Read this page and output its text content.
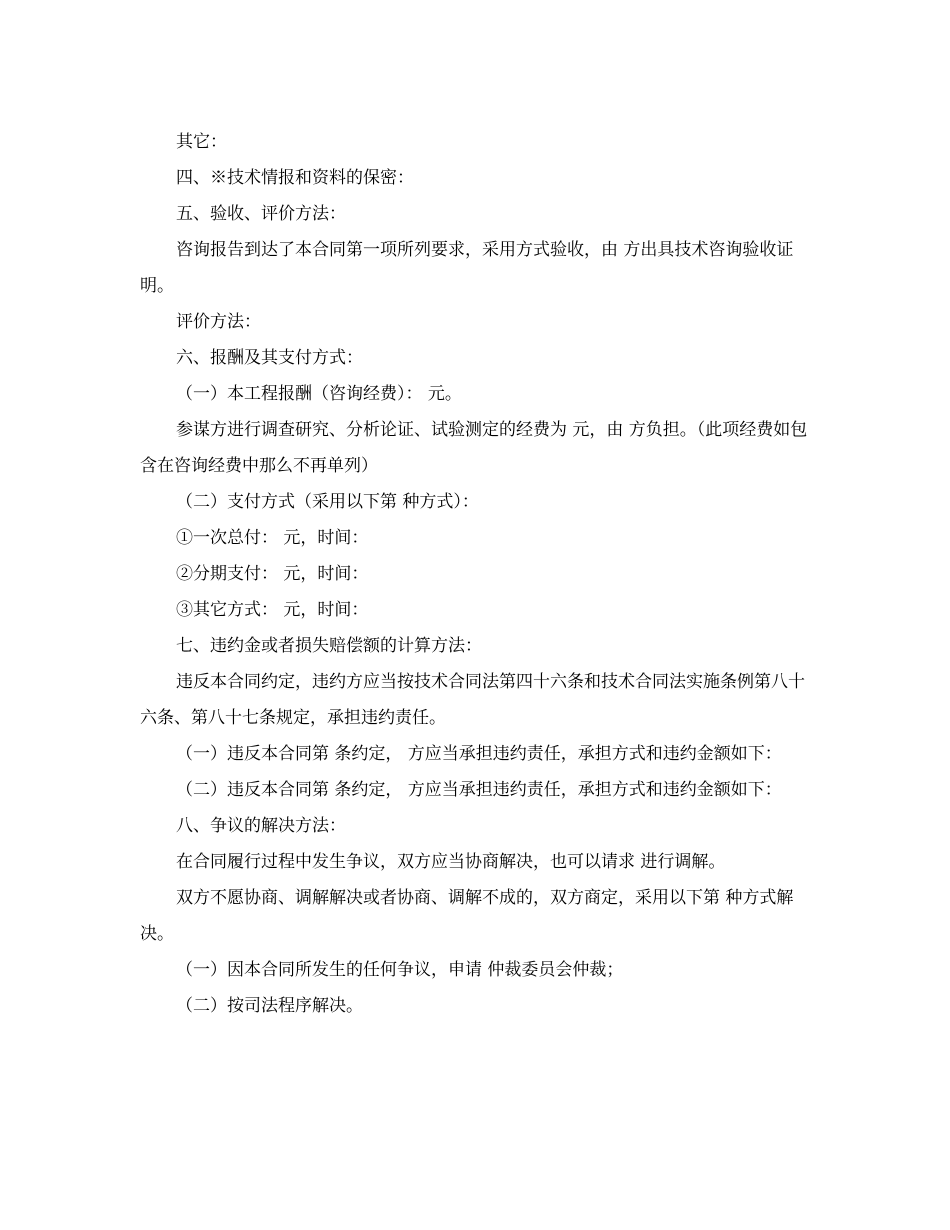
其它：

四、※技术情报和资料的保密：

五、验收、评价方法：

咨询报告到达了本合同第一项所列要求，采用方式验收，由 方出具技术咨询验收证明。

评价方法：

六、报酬及其支付方式：

（一）本工程报酬（咨询经费）： 元。

参谋方进行调查研究、分析论证、试验测定的经费为 元，由 方负担。（此项经费如包含在咨询经费中那么不再单列）

（二）支付方式（采用以下第 种方式）：

①一次总付： 元，时间：

②分期支付： 元，时间：

③其它方式： 元，时间：

七、违约金或者损失赔偿额的计算方法：

违反本合同约定，违约方应当按技术合同法第四十六条和技术合同法实施条例第八十六条、第八十七条规定，承担违约责任。

（一）违反本合同第 条约定， 方应当承担违约责任，承担方式和违约金额如下：

（二）违反本合同第 条约定， 方应当承担违约责任，承担方式和违约金额如下：

八、争议的解决方法：

在合同履行过程中发生争议，双方应当协商解决，也可以请求 进行调解。

双方不愿协商、调解解决或者协商、调解不成的，双方商定，采用以下第 种方式解决。

（一）因本合同所发生的任何争议，申请 仲裁委员会仲裁；

（二）按司法程序解决。
